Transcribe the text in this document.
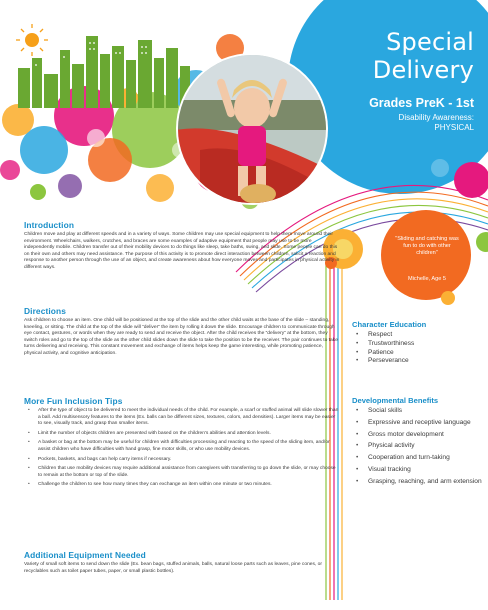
Special
Delivery
Grades PreK - 1st
Disability Awareness:
PHYSICAL
"Sliding and catching was fun to do with other children"
Michelle, Age 5
Introduction

Children move and play at different speeds and in a variety of ways. Some children may use special equipment to help them move around their environment. Wheelchairs, walkers, crutches, and braces are some examples of adaptive equipment that people may use to be more independently mobile. Children transfer out of their mobility devices to do things like sleep, take baths, swing, and slide. Some people can do this on their own and others may need assistance. The purpose of this activity is to promote direct interaction between children, solicit a reaction and response to another person through the use of an object, and create awareness about how everyone moves and participates in physical activity in different ways.

Directions

Ask children to choose an item. One child will be positioned at the top of the slide and the other child waits at the base of the slide – standing, kneeling, or sitting. The child at the top of the slide will “deliver” the item by rolling it down the slide. Encourage children to communicate through eye contact, gestures, or words when they are ready to send and receive the object. After the child receives the “delivery” at the bottom, they switch roles and go to the top of the slide as the other child slides down the slide to take the position to be the receiver. The pair continues to take turns delivering and receiving. This constant movement and exchange of items helps keep the game interesting, while promoting patience, physical activity, and cognitive anticipation.

More Fun Inclusion Tips
• After the type of object to be delivered to meet the individual needs of the child. For example, a scarf or stuffed animal will slide slower than a ball. Add multisensory features to the items (Ex. balls can be different sizes, textures, colors, and densities). Larger items may be easier to see, visually track, and grasp than smaller items.
• Limit the number of objects children are presented with based on the children's abilities and attention levels.
• A basket or bag at the bottom may be useful for children with difficulties processing and reacting to the speed of the sliding item, and/or assist children who have difficulties with hand grasp, fine motor skills, or who use mobility devices.
• Pockets, baskets, and bags can help carry items if necessary.
• Children that use mobility devices may require additional assistance from caregivers with transferring to go down the slide, or may choose to remain at the bottom or top of the slide.
• Challenge the children to see how many times they can exchange an item within one minute or two minutes.
Additional Equipment Needed

Variety of small soft items to send down the slide (Ex. bean bags, stuffed animals, balls, natural loose parts such as leaves, pine cones, or recyclables such as toilet paper tubes, paper, or small plastic bottles).

Character Education
• Respect
• Trustworthiness
• Patience
• Perseverance
Developmental Benefits
• Social skills
• Expressive and receptive language
• Gross motor development
• Physical activity
• Cooperation and turn-taking
• Visual tracking
• Grasping, reaching, and arm extension
